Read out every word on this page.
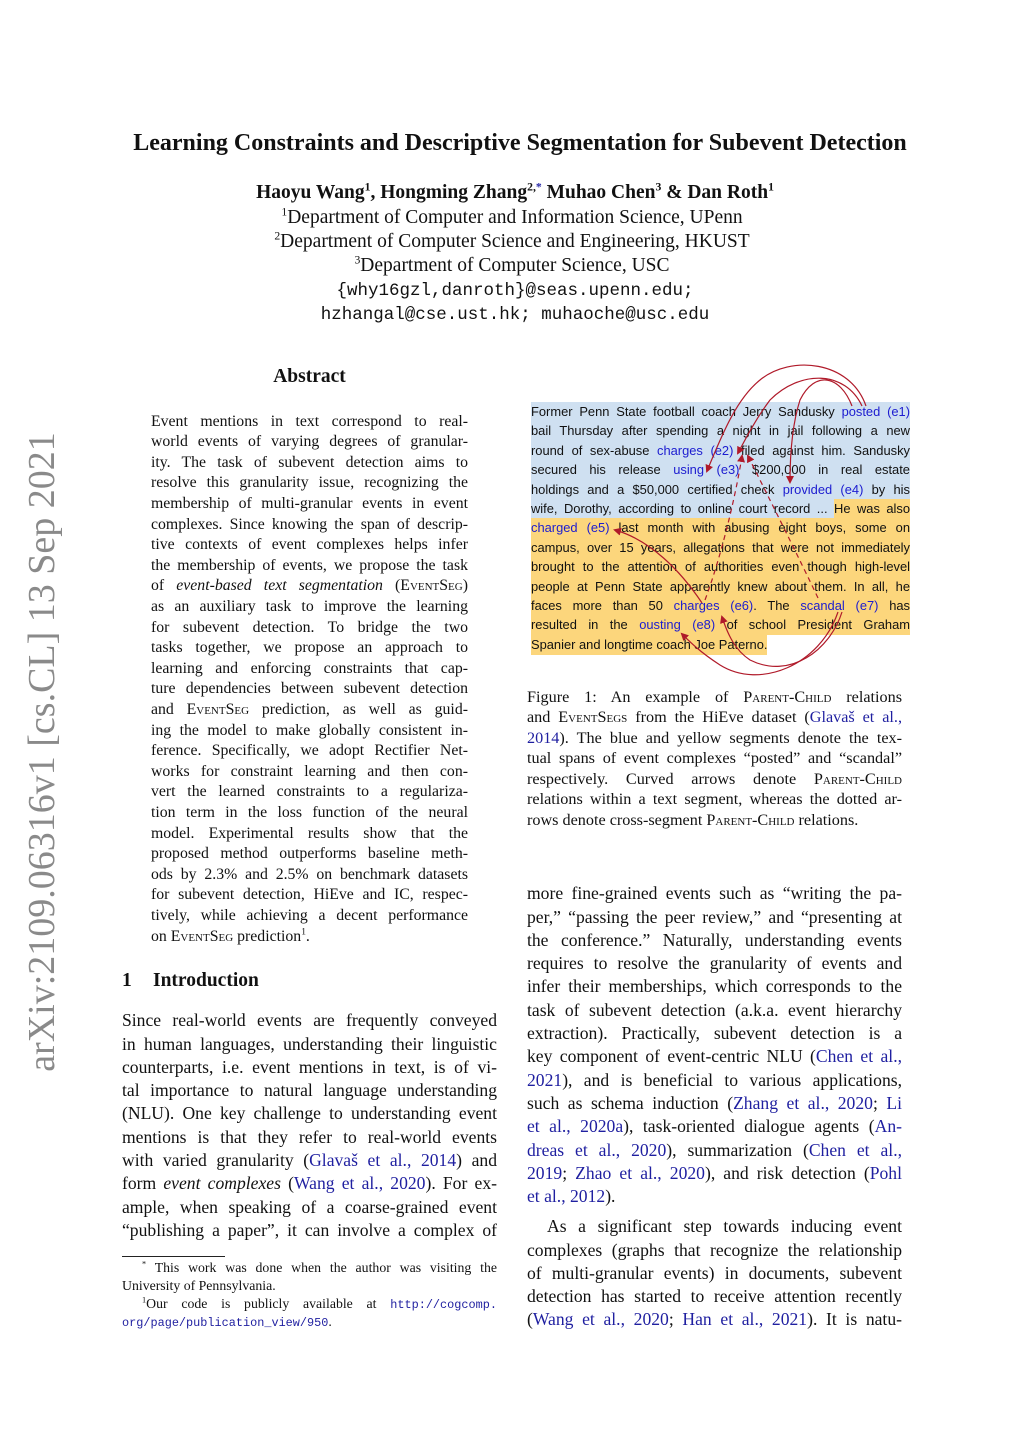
arXiv:2109.06316v1 [cs.CL] 13 Sep 2021
Learning Constraints and Descriptive Segmentation for Subevent Detection
Haoyu Wang$^1$, Hongming Zhang$^{2,*}$ Muhao Chen$^3$ & Dan Roth$^1$
$^1$Department of Computer and Information Science, UPenn
$^2$Department of Computer Science and Engineering, HKUST
$^3$Department of Computer Science, USC
{why16gzl,danroth}@seas.upenn.edu;
hzhangal@cse.ust.hk; muhaoche@usc.edu
Abstract
Event mentions in text correspond to real-
world events of varying degrees of granular-
ity. The task of subevent detection aims to
resolve this granularity issue, recognizing the
membership of multi-granular events in event
complexes. Since knowing the span of descrip-
tive contexts of event complexes helps infer
the membership of events, we propose the task
of event-based text segmentation (EventSeg)
as an auxiliary task to improve the learning
for subevent detection. To bridge the two
tasks together, we propose an approach to
learning and enforcing constraints that cap-
ture dependencies between subevent detection
and EventSeg prediction, as well as guid-
ing the model to make globally consistent in-
ference. Specifically, we adopt Rectifier Net-
works for constraint learning and then con-
vert the learned constraints to a regulariza-
tion term in the loss function of the neural
model. Experimental results show that the
proposed method outperforms baseline meth-
ods by 2.3% and 2.5% on benchmark datasets
for subevent detection, HiEve and IC, respec-
tively, while achieving a decent performance
on EventSeg prediction$^1$.
1 Introduction
Since real-world events are frequently conveyed
in human languages, understanding their linguistic
counterparts, i.e. event mentions in text, is of vi-
tal importance to natural language understanding
(NLU). One key challenge to understanding event
mentions is that they refer to real-world events
with varied granularity (Glavaš et al., 2014) and
form event complexes (Wang et al., 2020). For ex-
ample, when speaking of a coarse-grained event
“publishing a paper”, it can involve a complex of
* This work was done when the author was visiting the
University of Pennsylvania.
$^1$Our code is publicly available at http://cogcomp.
org/page/publication_view/950.
Former Penn State football coach Jerry Sandusky posted (e1)
bail Thursday after spending a night in jail following a new
round of sex-abuse charges (e2) filed against him. Sandusky
secured his release using (e3) $200,000 in real estate
holdings and a $50,000 certified check provided (e4) by his
wife, Dorothy, according to online court record ... He was also
charged (e5) last month with abusing eight boys, some on
campus, over 15 years, allegations that were not immediately
brought to the attention of authorities even though high-level
people at Penn State apparently knew about them. In all, he
faces more than 50 charges (e6). The scandal (e7) has
resulted in the ousting (e8) of school President Graham
Spanier and longtime coach Joe Paterno.
Figure 1: An example of Parent-Child relations
and EventSegs from the HiEve dataset (Glavaš et al.,
2014). The blue and yellow segments denote the tex-
tual spans of event complexes “posted” and “scandal”
respectively. Curved arrows denote Parent-Child
relations within a text segment, whereas the dotted ar-
rows denote cross-segment Parent-Child relations.
more fine-grained events such as “writing the pa-
per,” “passing the peer review,” and “presenting at
the conference.” Naturally, understanding events
requires to resolve the granularity of events and
infer their memberships, which corresponds to the
task of subevent detection (a.k.a. event hierarchy
extraction). Practically, subevent detection is a
key component of event-centric NLU (Chen et al.,
2021), and is beneficial to various applications,
such as schema induction (Zhang et al., 2020; Li
et al., 2020a), task-oriented dialogue agents (An-
dreas et al., 2020), summarization (Chen et al.,
2019; Zhao et al., 2020), and risk detection (Pohl
et al., 2012).
As a significant step towards inducing event
complexes (graphs that recognize the relationship
of multi-granular events) in documents, subevent
detection has started to receive attention recently
(Wang et al., 2020; Han et al., 2021). It is natu-
